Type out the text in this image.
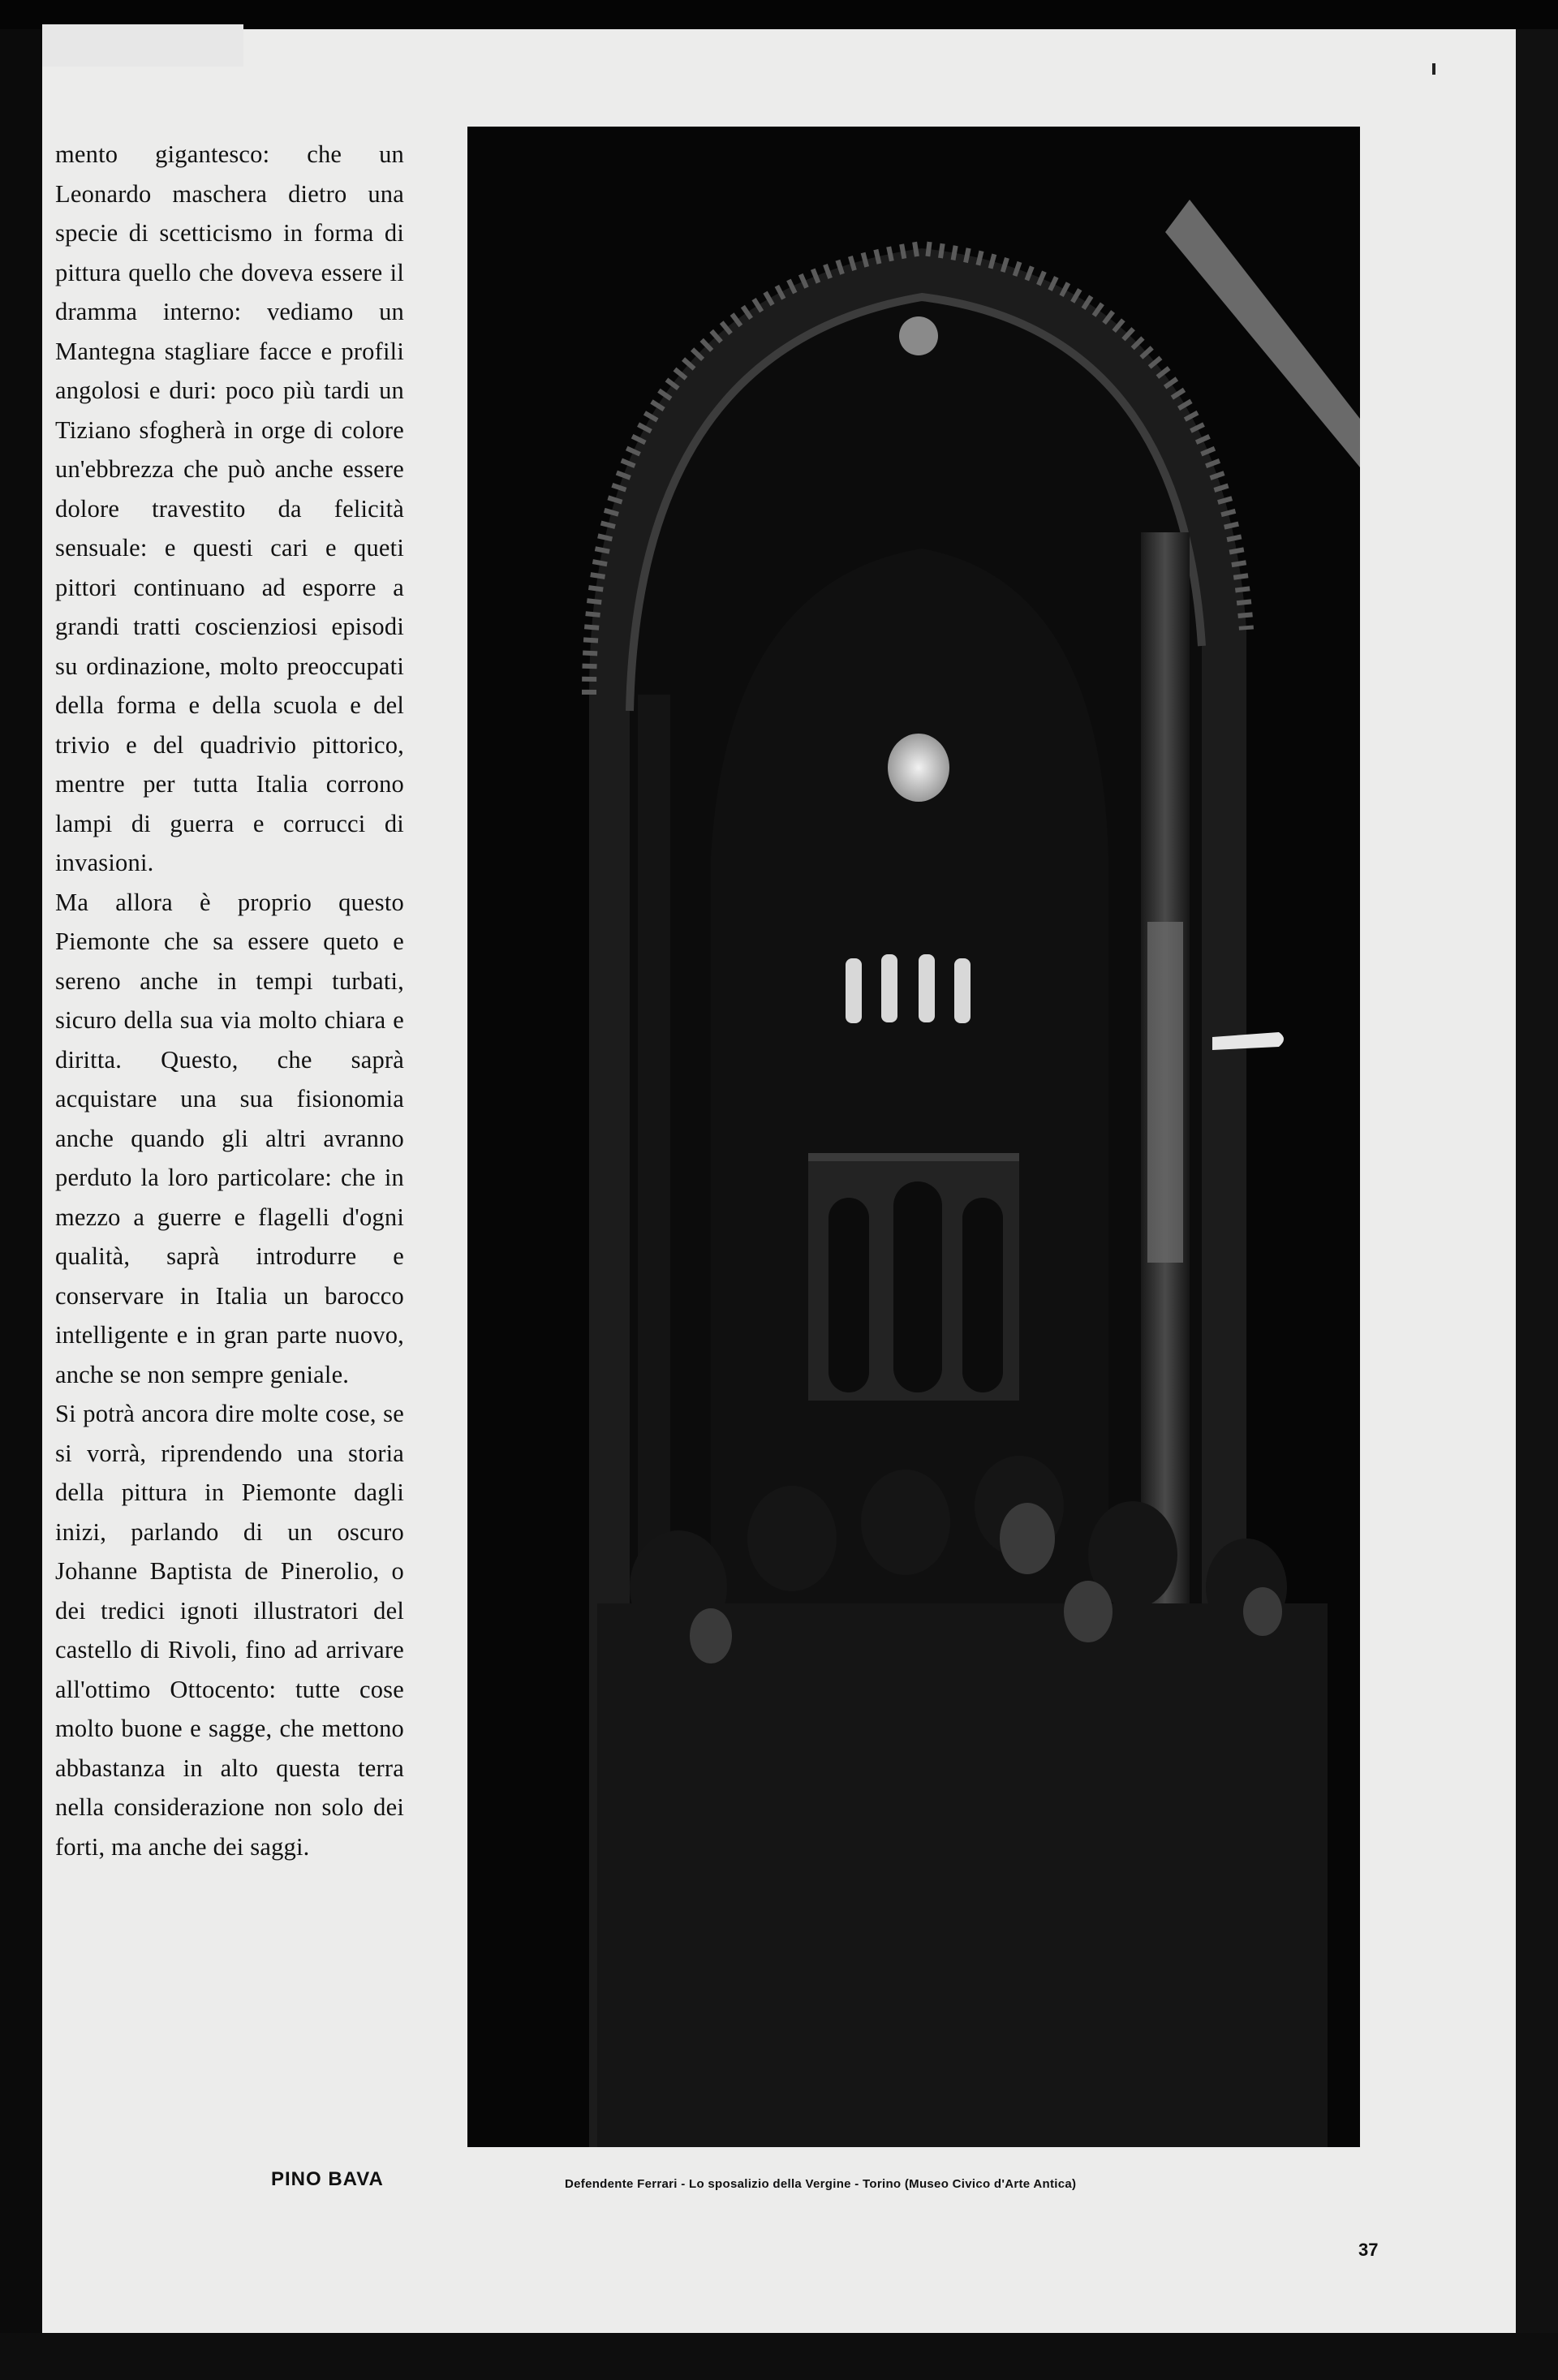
mento gigantesco: che un Leonardo maschera dietro una specie di scetticismo in forma di pittura quello che doveva essere il dramma interno: vediamo un Mantegna stagliare facce e profili angolosi e duri: poco più tardi un Tiziano sfogherà in orge di colore un'ebbrezza che può anche essere dolore travestito da felicità sensuale: e questi cari e queti pittori continuano ad esporre a grandi tratti coscienziosi episodi su ordinazione, molto preoccupati della forma e della scuola e del trivio e del quadrivio pittorico, mentre per tutta Italia corrono lampi di guerra e corrucci di invasioni.

Ma allora è proprio questo Piemonte che sa essere queto e sereno anche in tempi turbati, sicuro della sua via molto chiara e diritta. Questo, che saprà acquistare una sua fisionomia anche quando gli altri avranno perduto la loro particolare: che in mezzo a guerre e flagelli d'ogni qualità, saprà introdurre e conservare in Italia un barocco intelligente e in gran parte nuovo, anche se non sempre geniale.

Si potrà ancora dire molte cose, se si vorrà, riprendendo una storia della pittura in Piemonte dagli inizi, parlando di un oscuro Johanne Baptista de Pinerolio, o dei tredici ignoti illustratori del castello di Rivoli, fino ad arrivare all'ottimo Ottocento: tutte cose molto buone e sagge, che mettono abbastanza in alto questa terra nella considerazione non solo dei forti, ma anche dei saggi.

PINO BAVA	Defendente Ferrari - Lo sposalizio della Vergine - Torino (Museo Civico d'Arte Antica)
37
